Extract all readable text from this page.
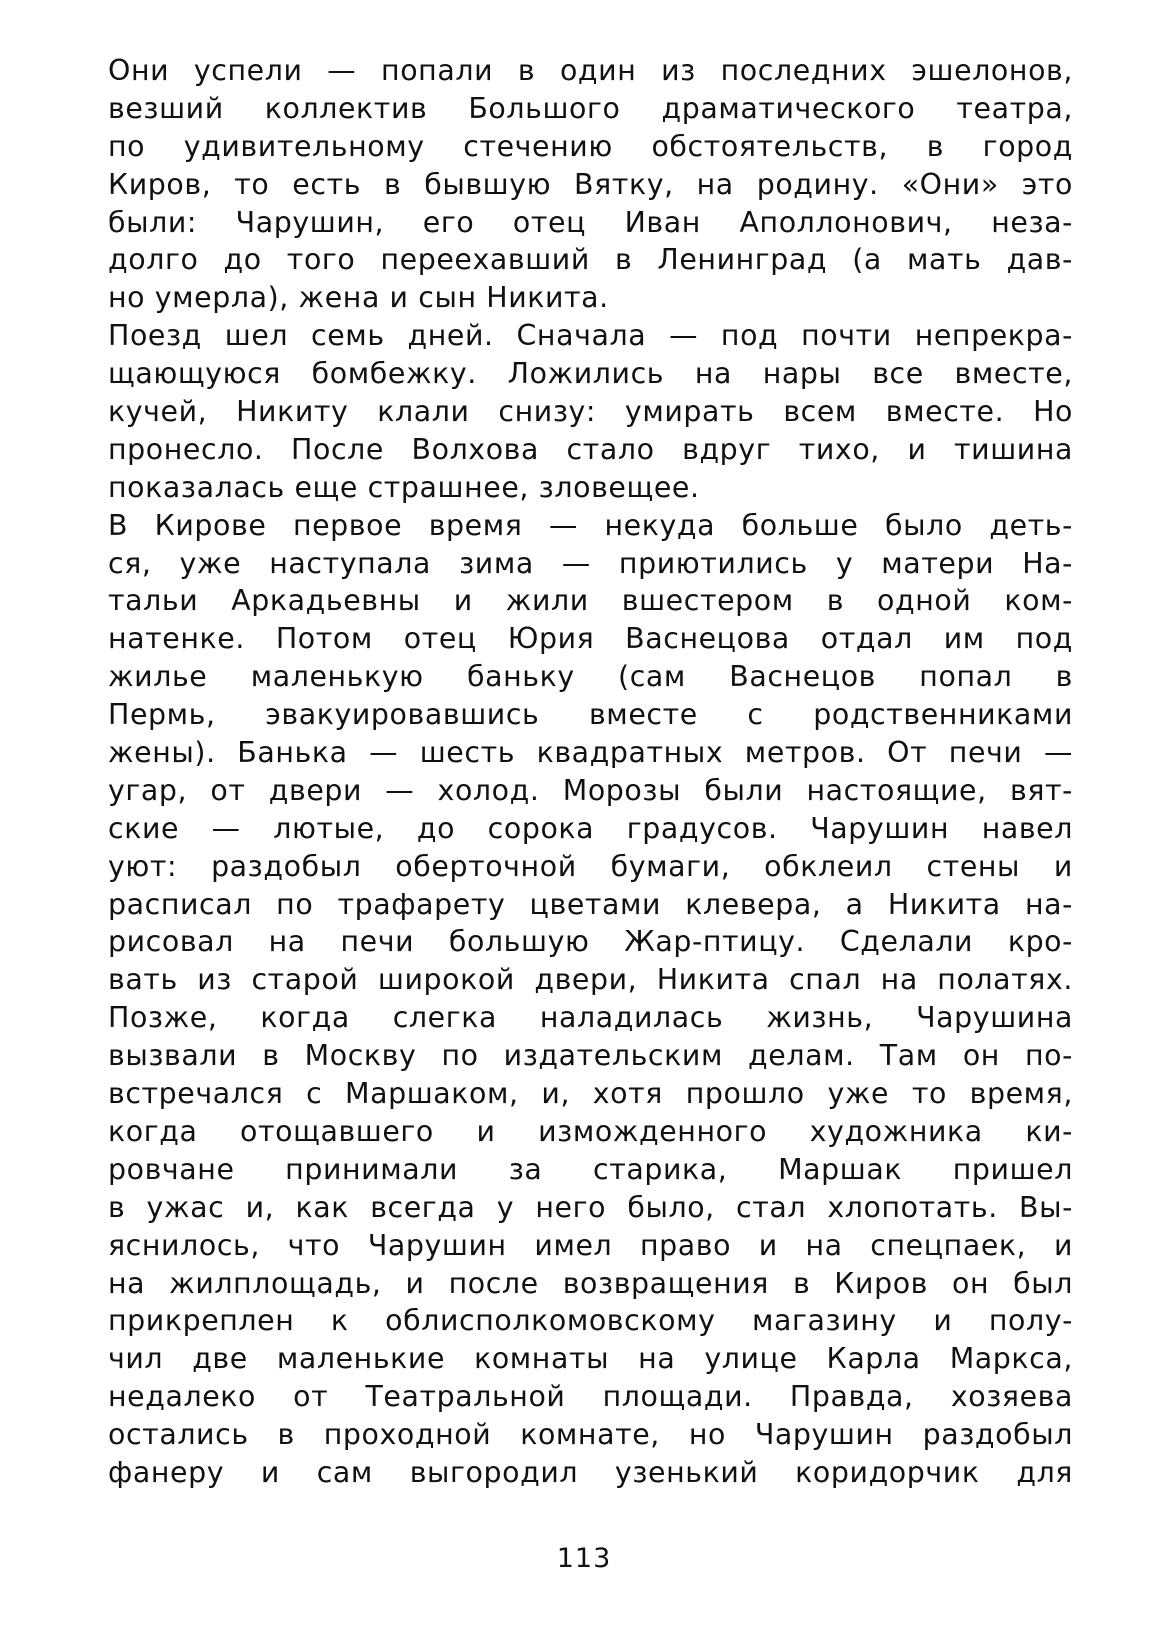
Они успели — попали в один из последних эшелонов,
везший коллектив Большого драматического театра,
по удивительному стечению обстоятельств, в город
Киров, то есть в бывшую Вятку, на родину. «Они» это
были: Чарушин, его отец Иван Аполлонович, неза-
долго до того переехавший в Ленинград (а мать дав-
но умерла), жена и сын Никита.
Поезд шел семь дней. Сначала — под почти непрекра-
щающуюся бомбежку. Ложились на нары все вместе,
кучей, Никиту клали снизу: умирать всем вместе. Но
пронесло. После Волхова стало вдруг тихо, и тишина
показалась еще страшнее, зловещее.
В Кирове первое время — некуда больше было деть-
ся, уже наступала зима — приютились у матери На-
тальи Аркадьевны и жили вшестером в одной ком-
натенке. Потом отец Юрия Васнецова отдал им под
жилье маленькую баньку (сам Васнецов попал в
Пермь, эвакуировавшись вместе с родственниками
жены). Банька — шесть квадратных метров. От печи —
угар, от двери — холод. Морозы были настоящие, вят-
ские — лютые, до сорока градусов. Чарушин навел
уют: раздобыл оберточной бумаги, обклеил стены и
расписал по трафарету цветами клевера, а Никита на-
рисовал на печи большую Жар-птицу. Сделали кро-
вать из старой широкой двери, Никита спал на полатях.
Позже, когда слегка наладилась жизнь, Чарушина
вызвали в Москву по издательским делам. Там он по-
встречался с Маршаком, и, хотя прошло уже то время,
когда отощавшего и изможденного художника ки-
ровчане принимали за старика, Маршак пришел
в ужас и, как всегда у него было, стал хлопотать. Вы-
яснилось, что Чарушин имел право и на спецпаек, и
на жилплощадь, и после возвращения в Киров он был
прикреплен к облисполкомовскому магазину и полу-
чил две маленькие комнаты на улице Карла Маркса,
недалеко от Театральной площади. Правда, хозяева
остались в проходной комнате, но Чарушин раздобыл
фанеру и сам выгородил узенький коридорчик для
113
